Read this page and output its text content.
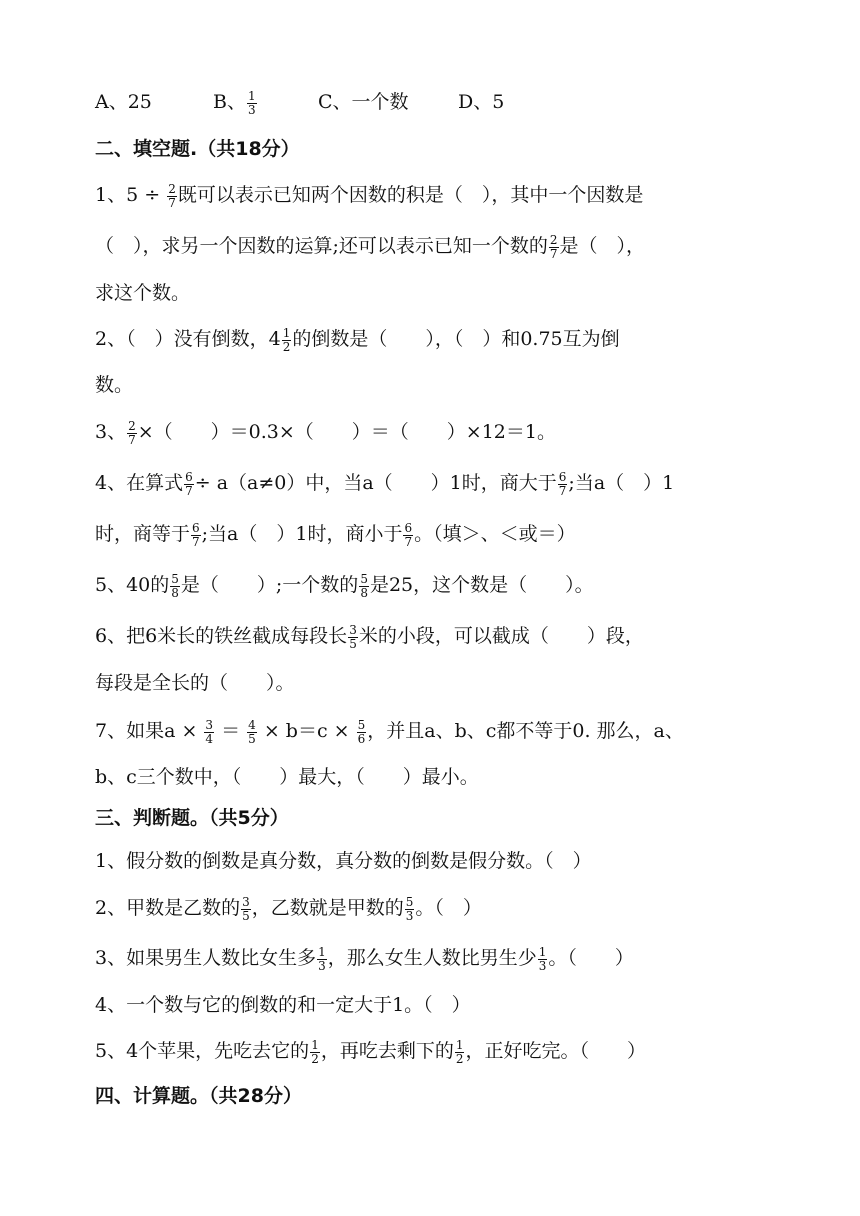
A、25	B、 $\frac{1}{3}$	C、一个数	D、5
二、填空题.（共18分）
1、$5 \div \frac{2}{7}$ 既可以表示已知两个因数的积是（　），其中一个因数是
（　），求另一个因数的运算;还可以表示已知一个数的 $\frac{2}{7}$ 是（　），
求这个数。
2、（　）没有倒数，$4 \frac{1}{2}$ 的倒数是（　　），（　）和0.75互为倒
数。
3、 $\frac{2}{7}$ ×（　　）＝0.3×（　　）＝（　　）×12＝1。
4、在算式 $\frac{6}{7} \div a(a\ne 0)$中，当a（　　）1时，商大于 $\frac{6}{7}$ ;当a（　）1
时，商等于 $\frac{6}{7}$ ;当a（　）1时，商小于 $\frac{6}{7}$ 。（填＞、＜或＝）
5、40的 $\frac{5}{8}$ 是（　　）;一个数的 $\frac{5}{8}$ 是25，这个数是（　　）。
6、把6米长的铁丝截成每段长 $\frac{3}{5}$ 米的小段，可以截成（　　）段，
每段是全长的（　　）。
7、如果$a \times \frac{3}{4} = \frac{4}{5} \times b=c \times \frac{5}{6}$ ，并且a、b、c都不等于0. 那么，a、
b、c三个数中，（　　）最大，（　　）最小。
三、判断题。（共5分）
1、假分数的倒数是真分数，真分数的倒数是假分数。（　）
2、甲数是乙数的 $\frac{3}{5}$ ，乙数就是甲数的 $\frac{5}{3}$ 。（　）
3、如果男生人数比女生多 $\frac{1}{3}$ ，那么女生人数比男生少 $\frac{1}{3}$ 。（　　）
4、一个数与它的倒数的和一定大于1。（　）
5、4个苹果，先吃去它的 $\frac{1}{2}$ ，再吃去剩下的 $\frac{1}{2}$ ，正好吃完。（　　）
四、计算题。（共28分）
